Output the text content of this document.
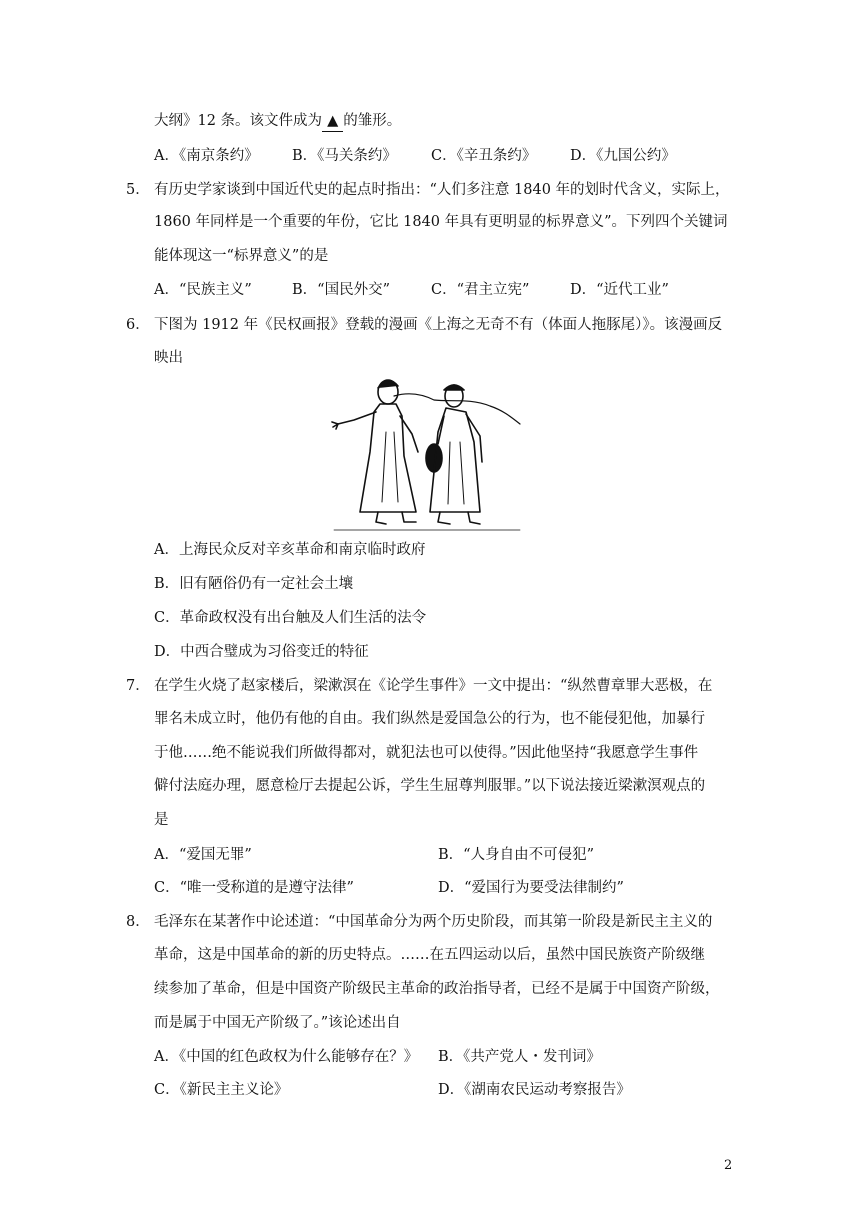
大纲》12 条。该文件成为 ▲ 的雏形。
A．《南京条约》 B．《马关条约》 C．《辛丑条约》 D．《九国公约》
5． 有历史学家谈到中国近代史的起点时指出：“人们多注意 1840 年的划时代含义，实际上，
1860 年同样是一个重要的年份，它比 1840 年具有更明显的标界意义”。下列四个关键词
能体现这一“标界意义”的是
A．“民族主义”	B．“国民外交”	C．“君主立宪”	D．“近代工业”
6． 下图为 1912 年《民权画报》登载的漫画《上海之无奇不有（体面人拖豚尾）》。该漫画反
映出
A．上海民众反对辛亥革命和南京临时政府
B．旧有陋俗仍有一定社会土壤
C．革命政权没有出台触及人们生活的法令
D．中西合璧成为习俗变迁的特征
7． 在学生火烧了赵家楼后，梁漱溟在《论学生事件》一文中提出：“纵然曹章罪大恶极，在
罪名未成立时，他仍有他的自由。我们纵然是爱国急公的行为，也不能侵犯他，加暴行
于他……绝不能说我们所做得都对，就犯法也可以使得。”因此他坚持“我愿意学生事件
僻付法庭办理，愿意检厅去提起公诉，学生生屈尊判服罪。”以下说法接近梁漱溟观点的
是
A．“爱国无罪”	B．“人身自由不可侵犯”
C．“唯一受称道的是遵守法律”	D．“爱国行为要受法律制约”
8． 毛泽东在某著作中论述道：“中国革命分为两个历史阶段，而其第一阶段是新民主主义的
革命，这是中国革命的新的历史特点。……在五四运动以后，虽然中国民族资产阶级继
续参加了革命，但是中国资产阶级民主革命的政治指导者，已经不是属于中国资产阶级，
而是属于中国无产阶级了。”该论述出自
A．《中国的红色政权为什么能够存在？》 B．《共产党人・发刊词》
C．《新民主主义论》	D．《湖南农民运动考察报告》
2
